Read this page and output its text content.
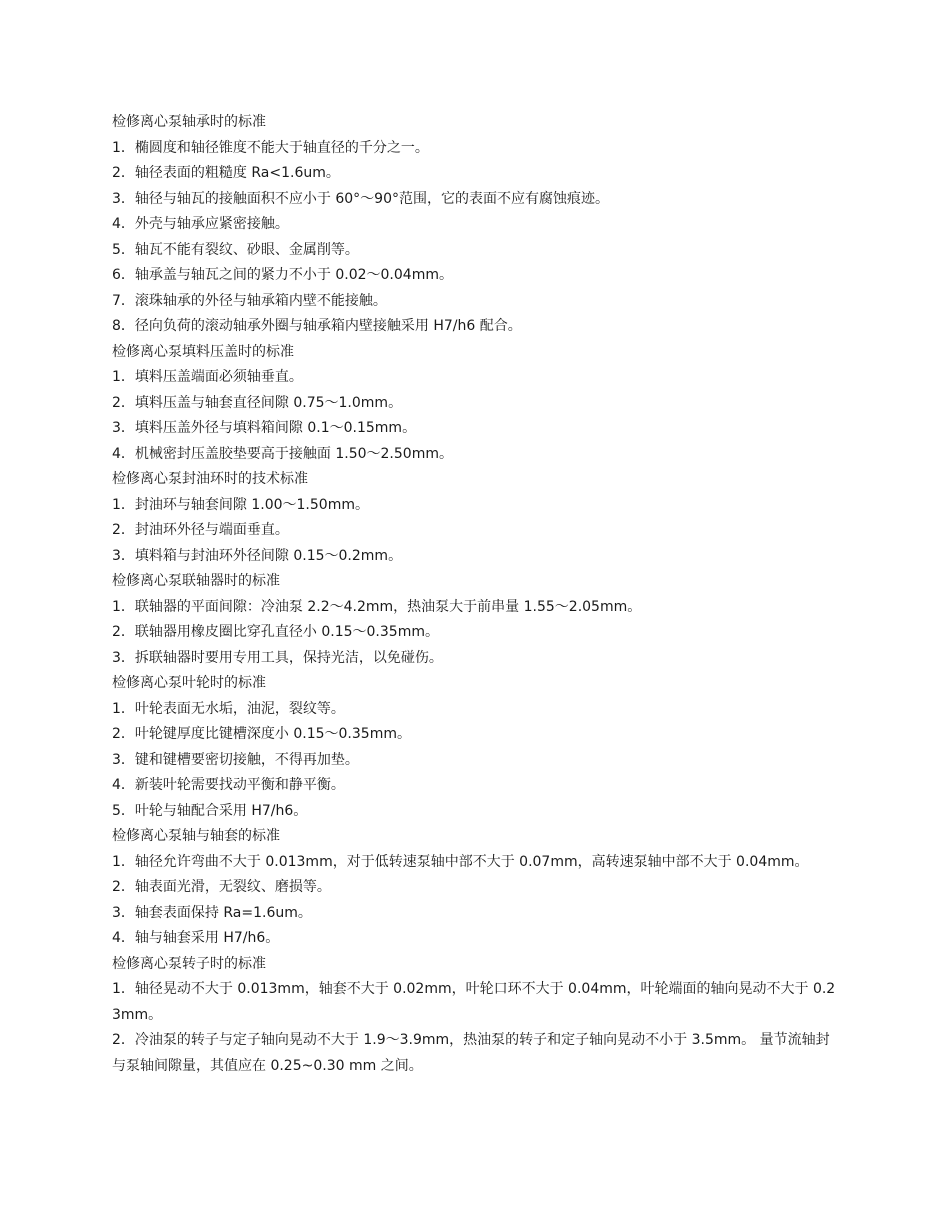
检修离心泵轴承时的标准
1．椭圆度和轴径锥度不能大于轴直径的千分之一。
2．轴径表面的粗糙度 Ra<1.6um。
3．轴径与轴瓦的接触面积不应小于 60°～90°范围，它的表面不应有腐蚀痕迹。
4．外壳与轴承应紧密接触。
5．轴瓦不能有裂纹、砂眼、金属削等。
6．轴承盖与轴瓦之间的紧力不小于 0.02～0.04mm。
7．滚珠轴承的外径与轴承箱内壁不能接触。
8．径向负荷的滚动轴承外圈与轴承箱内壁接触采用 H7/h6 配合。
检修离心泵填料压盖时的标准
1．填料压盖端面必须轴垂直。
2．填料压盖与轴套直径间隙 0.75～1.0mm。
3．填料压盖外径与填料箱间隙 0.1～0.15mm。
4．机械密封压盖胶垫要高于接触面 1.50～2.50mm。
检修离心泵封油环时的技术标准
1．封油环与轴套间隙 1.00～1.50mm。
2．封油环外径与端面垂直。
3．填料箱与封油环外径间隙 0.15～0.2mm。
检修离心泵联轴器时的标准
1．联轴器的平面间隙：冷油泵 2.2～4.2mm，热油泵大于前串量 1.55～2.05mm。
2．联轴器用橡皮圈比穿孔直径小 0.15～0.35mm。
3．拆联轴器时要用专用工具，保持光洁，以免碰伤。
检修离心泵叶轮时的标准
1．叶轮表面无水垢，油泥，裂纹等。
2．叶轮键厚度比键槽深度小 0.15～0.35mm。
3．键和键槽要密切接触，不得再加垫。
4．新装叶轮需要找动平衡和静平衡。
5．叶轮与轴配合采用 H7/h6。
检修离心泵轴与轴套的标准
1．轴径允许弯曲不大于 0.013mm，对于低转速泵轴中部不大于 0.07mm，高转速泵轴中部不大于 0.04mm。
2．轴表面光滑，无裂纹、磨损等。
3．轴套表面保持 Ra=1.6um。
4．轴与轴套采用 H7/h6。
检修离心泵转子时的标准
1．轴径晃动不大于 0.013mm，轴套不大于 0.02mm，叶轮口环不大于 0.04mm，叶轮端面的轴向晃动不大于 0.23mm。
2．冷油泵的转子与定子轴向晃动不大于 1.9～3.9mm，热油泵的转子和定子轴向晃动不小于 3.5mm。 量节流轴封与泵轴间隙量，其值应在 0.25~0.30 mm 之间。
